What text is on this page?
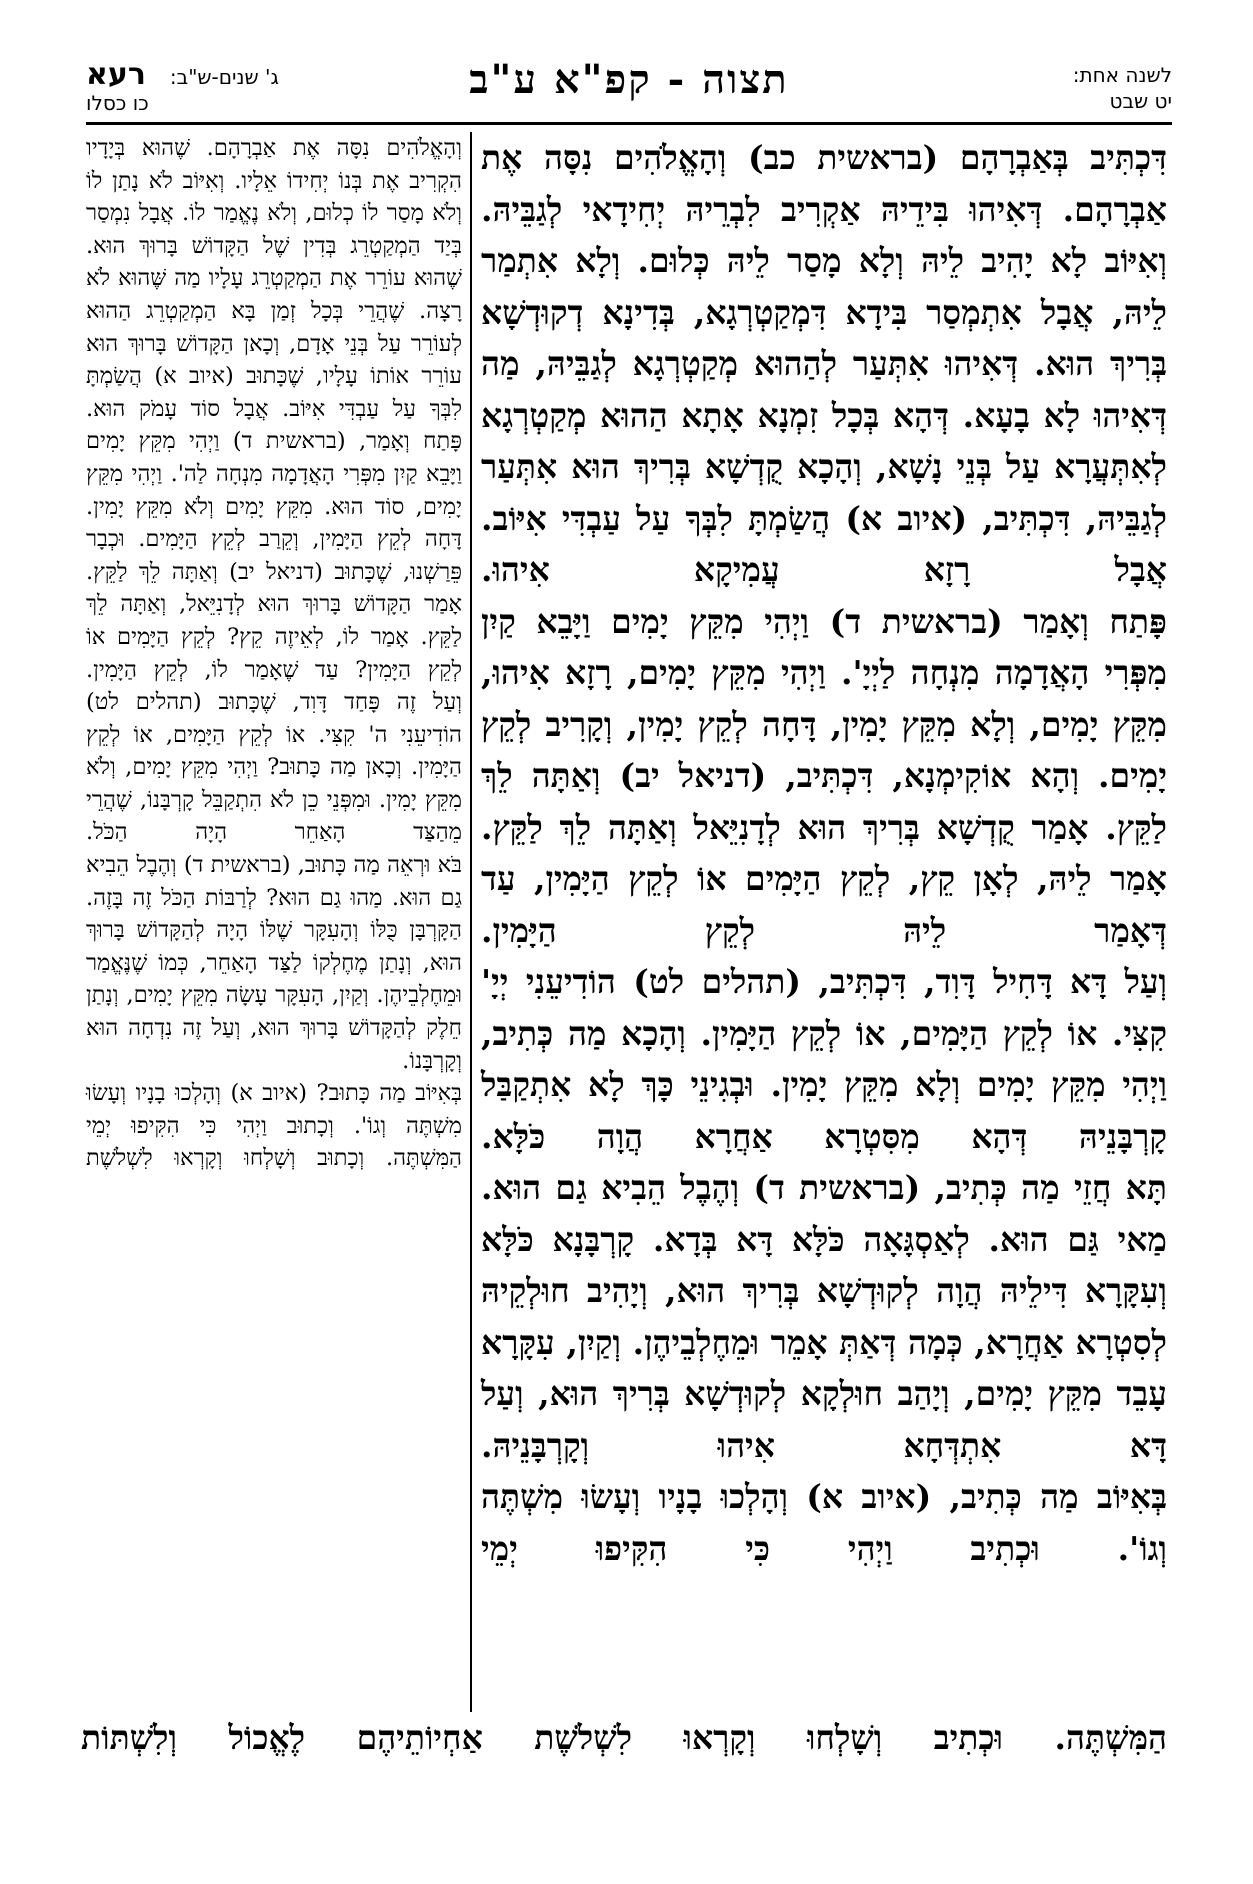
לשנה אחת:
יט שבט
תצוה - קפ"א ע"ב
ג' שנים-ש"ב:רעא
כו כסלו

דִּכְתִּיב בְּאַבְרָהָם (בראשית כב) וְהָאֱלֹהִים נִסָּה אֶת אַבְרָהָם. דְּאִיהוּ בִּידֵיהּ אַקְרִיב לִבְרֵיהּ יְחִידָאי לְגַבֵּיהּ. וְאִיּוֹב לָא יָהִיב לֵיהּ וְלָא מָסַר לֵיהּ כְּלוּם. וְלָא אִתְמַר לֵיהּ, אֲבָל אִתְמְסַר בִּידָא דִּמְקַטְרְגָא, בְּדִינָא דְקוּדְשָׁא בְּרִיךְ הוּא. דְּאִיהוּ אִתְּעַר לְהַהוּא מְקַטְרְגָא לְגַבֵּיהּ, מַה דְּאִיהוּ לָא בָעָא. דְּהָא בְּכָל זִמְנָא אָתָא הַהוּא מְקַטְרְגָא לְאִתְּעֲרָא עַל בְּנֵי נָשָׁא, וְהָכָא קֻדְשָׁא בְּרִיךְ הוּא אִתְּעַר לְגַבֵּיהּ, דִּכְתִּיב, (איוב א) הֲשַׂמְתָּ לִבְּךָ עַל עַבְדִּי אִיּוֹב. אֲבָל רָזָא עֲמִיקָא אִיהוּ.

פָּתַח וְאָמַר (בראשית ד) וַיְהִי מִקֵּץ יָמִים וַיָּבֵא קַיִן מִפְּרִי הָאֲדָמָה מִנְחָה לַיְיָ'. וַיְהִי מִקֵּץ יָמִים, רָזָא אִיהוּ, מִקֵּץ יָמִים, וְלָא מִקֵּץ יָמִין, דָּחָה לְקֵץ יָמִין, וְקָרִיב לְקֵץ יָמִים. וְהָא אוֹקִימְנָא, דִּכְתִּיב, (דניאל יב) וְאַתָּה לֵךְ לַקֵּץ. אָמַר קֻדְשָׁא בְּרִיךְ הוּא לְדָנִיֵּאל וְאַתָּה לֵךְ לַקֵּץ. אָמַר לֵיהּ, לְאָן קֵץ, לְקֵץ הַיָּמִים אוֹ לְקֵץ הַיָּמִין, עַד דְּאָמַר לֵיהּ לְקֵץ הַיָּמִין.

וְעַל דָּא דָּחִיל דָּוִד, דִּכְתִּיב, (תהלים לט) הוֹדִיעֵנִי יְיָ' קִצִּי. אוֹ לְקֵץ הַיָּמִים, אוֹ לְקֵץ הַיָּמִין. וְהָכָא מַה כְּתִיב, וַיְהִי מִקֵּץ יָמִים וְלָא מִקֵּץ יָמִין. וּבְגִינֵי כָּךְ לָא אִתְקַבַּל קָרְבָּנֵיהּ דְּהָא מִסִּטְרָא אַחֲרָא הֲוָה כֹּלָּא.

תָּא חֲזֵי מַה כְּתִיב, (בראשית ד) וְהֶבֶל הֵבִיא גַם הוּא. מַאי גַּם הוּא. לְאַסְגָּאָה כֹּלָּא דָּא בְּדָא. קָרְבָּנָא כֹּלָּא וְעִקָּרָא דִּילֵיהּ הֲוָה לְקוּדְשָׁא בְּרִיךְ הוּא, וְיָהִיב חוּלְקֵיהּ לְסִטְרָא אַחֲרָא, כְּמָה דְּאַתְּ אָמֵר וּמֵחֶלְבֵיהֶן. וְקַיִן, עִקָּרָא עָבֵד מִקֵּץ יָמִים, וְיָהַב חוּלְקָא לְקוּדְשָׁא בְּרִיךְ הוּא, וְעַל דָּא אִתְדְּחָא אִיהוּ וְקָרְבָּנֵיהּ.

בְּאִיּוֹב מַה כְּתִיב, (איוב א) וְהָלְכוּ בָנָיו וְעָשׂוּ מִשְׁתֶּה וְגוֹ'. וּכְתִיב וַיְהִי כִּי הִקִּיפוּ יְמֵי

וְהָאֱלֹהִים נִסָּה אֶת אַבְרָהָם. שֶׁהוּא בְּיָדָיו הִקְרִיב אֶת בְּנוֹ יְחִידוֹ אֵלָיו. וְאִיּוֹב לֹא נָתַן לוֹ וְלֹא מָסַר לוֹ כְלוּם, וְלֹא נֶאֱמַר לוֹ. אֲבָל נִמְסַר בְּיַד הַמְקַטְרֵג בְּדִין שֶׁל הַקָּדוֹשׁ בָּרוּךְ הוּא. שֶׁהוּא עוֹרֵר אֶת הַמְקַטְרֵג עָלָיו מַה שֶּׁהוּא לֹא רָצָה. שֶׁהֲרֵי בְּכָל זְמַן בָּא הַמְקַטְרֵג הַהוּא לְעוֹרֵר עַל בְּנֵי אָדָם, וְכָאן הַקָּדוֹשׁ בָּרוּךְ הוּא עוֹרֵר אוֹתוֹ עָלָיו, שֶׁכָּתוּב (איוב א) הֲשַׂמְתָּ לִבְּךָ עַל עַבְדִּי אִיּוֹב. אֲבָל סוֹד עָמֹק הוּא.

פָּתַח וְאָמַר, (בראשית ד) וַיְהִי מִקֵּץ יָמִים וַיָּבֵא קַיִן מִפְּרִי הָאֲדָמָה מִנְחָה לַה'. וַיְהִי מִקֵּץ יָמִים, סוֹד הוּא. מִקֵּץ יָמִים וְלֹא מִקֵּץ יָמִין. דָּחָה לְקֵץ הַיָּמִין, וְקֵרַב לְקֵץ הַיָּמִים. וּכְבָר פֵּרַשְׁנוּ, שֶׁכָּתוּב (דניאל יב) וְאַתָּה לֵךְ לַקֵּץ. אָמַר הַקָּדוֹשׁ בָּרוּךְ הוּא לְדָנִיֵּאל, וְאַתָּה לֵךְ לַקֵּץ. אָמַר לוֹ, לְאֵיזֶה קֵץ? לְקֵץ הַיָּמִים אוֹ לְקֵץ הַיָּמִין? עַד שֶׁאָמַר לוֹ, לְקֵץ הַיָּמִין.

וְעַל זֶה פָּחַד דָּוִד, שֶׁכָּתוּב (תהלים לט) הוֹדִיעֵנִי ה' קִצִּי. אוֹ לְקֵץ הַיָּמִים, אוֹ לְקֵץ הַיָּמִין. וְכָאן מַה כָּתוּב? וַיְהִי מִקֵּץ יָמִים, וְלֹא מִקֵּץ יָמִין. וּמִפְּנֵי כֵן לֹא הִתְקַבֵּל קָרְבָּנוֹ, שֶׁהֲרֵי מֵהַצַּד הָאַחֵר הָיָה הַכֹּל.

בֹּא וּרְאֵה מַה כָּתוּב, (בראשית ד) וְהֶבֶל הֵבִיא גַם הוּא. מַהוּ גַם הוּא? לְרַבּוֹת הַכֹּל זֶה בָּזֶה. הַקָּרְבָּן כֻּלּוֹ וְהָעִקָּר שֶׁלּוֹ הָיָה לְהַקָּדוֹשׁ בָּרוּךְ הוּא, וְנָתַן מֶחֶלְקוֹ לַצַּד הָאַחֵר, כְּמוֹ שֶׁנֶּאֱמַר וּמֵחֶלְבֵיהֶן. וְקַיִן, הָעִקָּר עָשָׂה מִקֵּץ יָמִים, וְנָתַן חֵלֶק לְהַקָּדוֹשׁ בָּרוּךְ הוּא, וְעַל זֶה נִדְחָה הוּא וְקָרְבָּנוֹ.

בְּאִיּוֹב מַה כָּתוּב? (איוב א) וְהָלְכוּ בָנָיו וְעָשׂוּ מִשְׁתֶּה וְגוֹ'. וְכָתוּב וַיְהִי כִּי הִקִּיפוּ יְמֵי הַמִּשְׁתֶּה. וְכָתוּב וְשָׁלְחוּ וְקָרְאוּ לִשְׁלֹשֶׁת

הַמִּשְׁתֶּה. וּכְתִיב וְשָׁלְחוּ וְקָרְאוּ לִשְׁלֹשֶׁת אַחְיוֹתֵיהֶם לֶאֱכוֹל וְלִשְׁתּוֹת
